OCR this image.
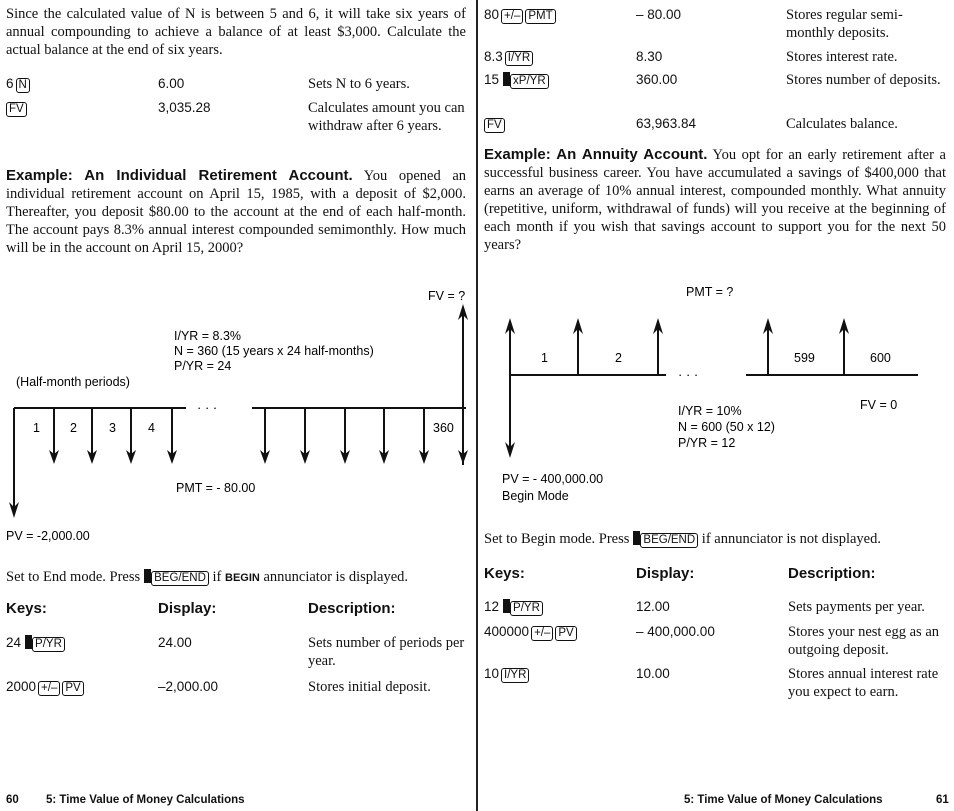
Since the calculated value of N is between 5 and 6, it will take six years of annual compounding to achieve a balance of at least $3,000. Calculate the actual balance at the end of six years.
6 N	6.00	Sets N to 6 years.
FV	3,035.28	Calculates amount you can withdraw after 6 years.
Example: An Individual Retirement Account. You opened an individual retirement account on April 15, 1985, with a deposit of $2,000. Thereafter, you deposit $80.00 to the account at the end of each half-month. The account pays 8.3% annual interest compounded semimonthly. How much will be in the account on April 15, 2000?
· · ·
FV = ?
1 2	3	4	360
I/YR = 8.3%
N = 360 (15 years x 24 half-months)
P/YR = 24
(Half-month periods)
PMT = - 80.00
PV = -2,000.00
Set to End mode. Press BEG/END if BEGIN annunciator is displayed.
Keys:	Display:	Description:
24 P/YR	24.00	Sets number of periods per year.
2000 +/– PV	–2,000.00	Stores initial deposit.
60 5: Time Value of Money Calculations
80 +/– PMT	– 80.00	Stores regular semi-monthly deposits.
8.3 I/YR	8.30	Stores interest rate.
15 xP/YR	360.00	Stores number of deposits.
FV	63,963.84	Calculates balance.
Example: An Annuity Account. You opt for an early retirement after a successful business career. You have accumulated a savings of $400,000 that earns an average of 10% annual interest, compounded monthly. What annuity (repetitive, uniform, withdrawal of funds) will you receive at the beginning of each month if you wish that savings account to support you for the next 50 years?
· · ·
PMT = ?
1	2	599	600
FV = 0
I/YR = 10%
N = 600 (50 x 12)
P/YR = 12
PV = - 400,000.00
Begin Mode
Set to Begin mode. Press BEG/END if annunciator is not displayed.
Keys:	Display:	Description:
12 P/YR	12.00	Sets payments per year.
400000 +/– PV	– 400,000.00	Stores your nest egg as an outgoing deposit.
10 I/YR	10.00	Stores annual interest rate you expect to earn.
5: Time Value of Money Calculations	61
